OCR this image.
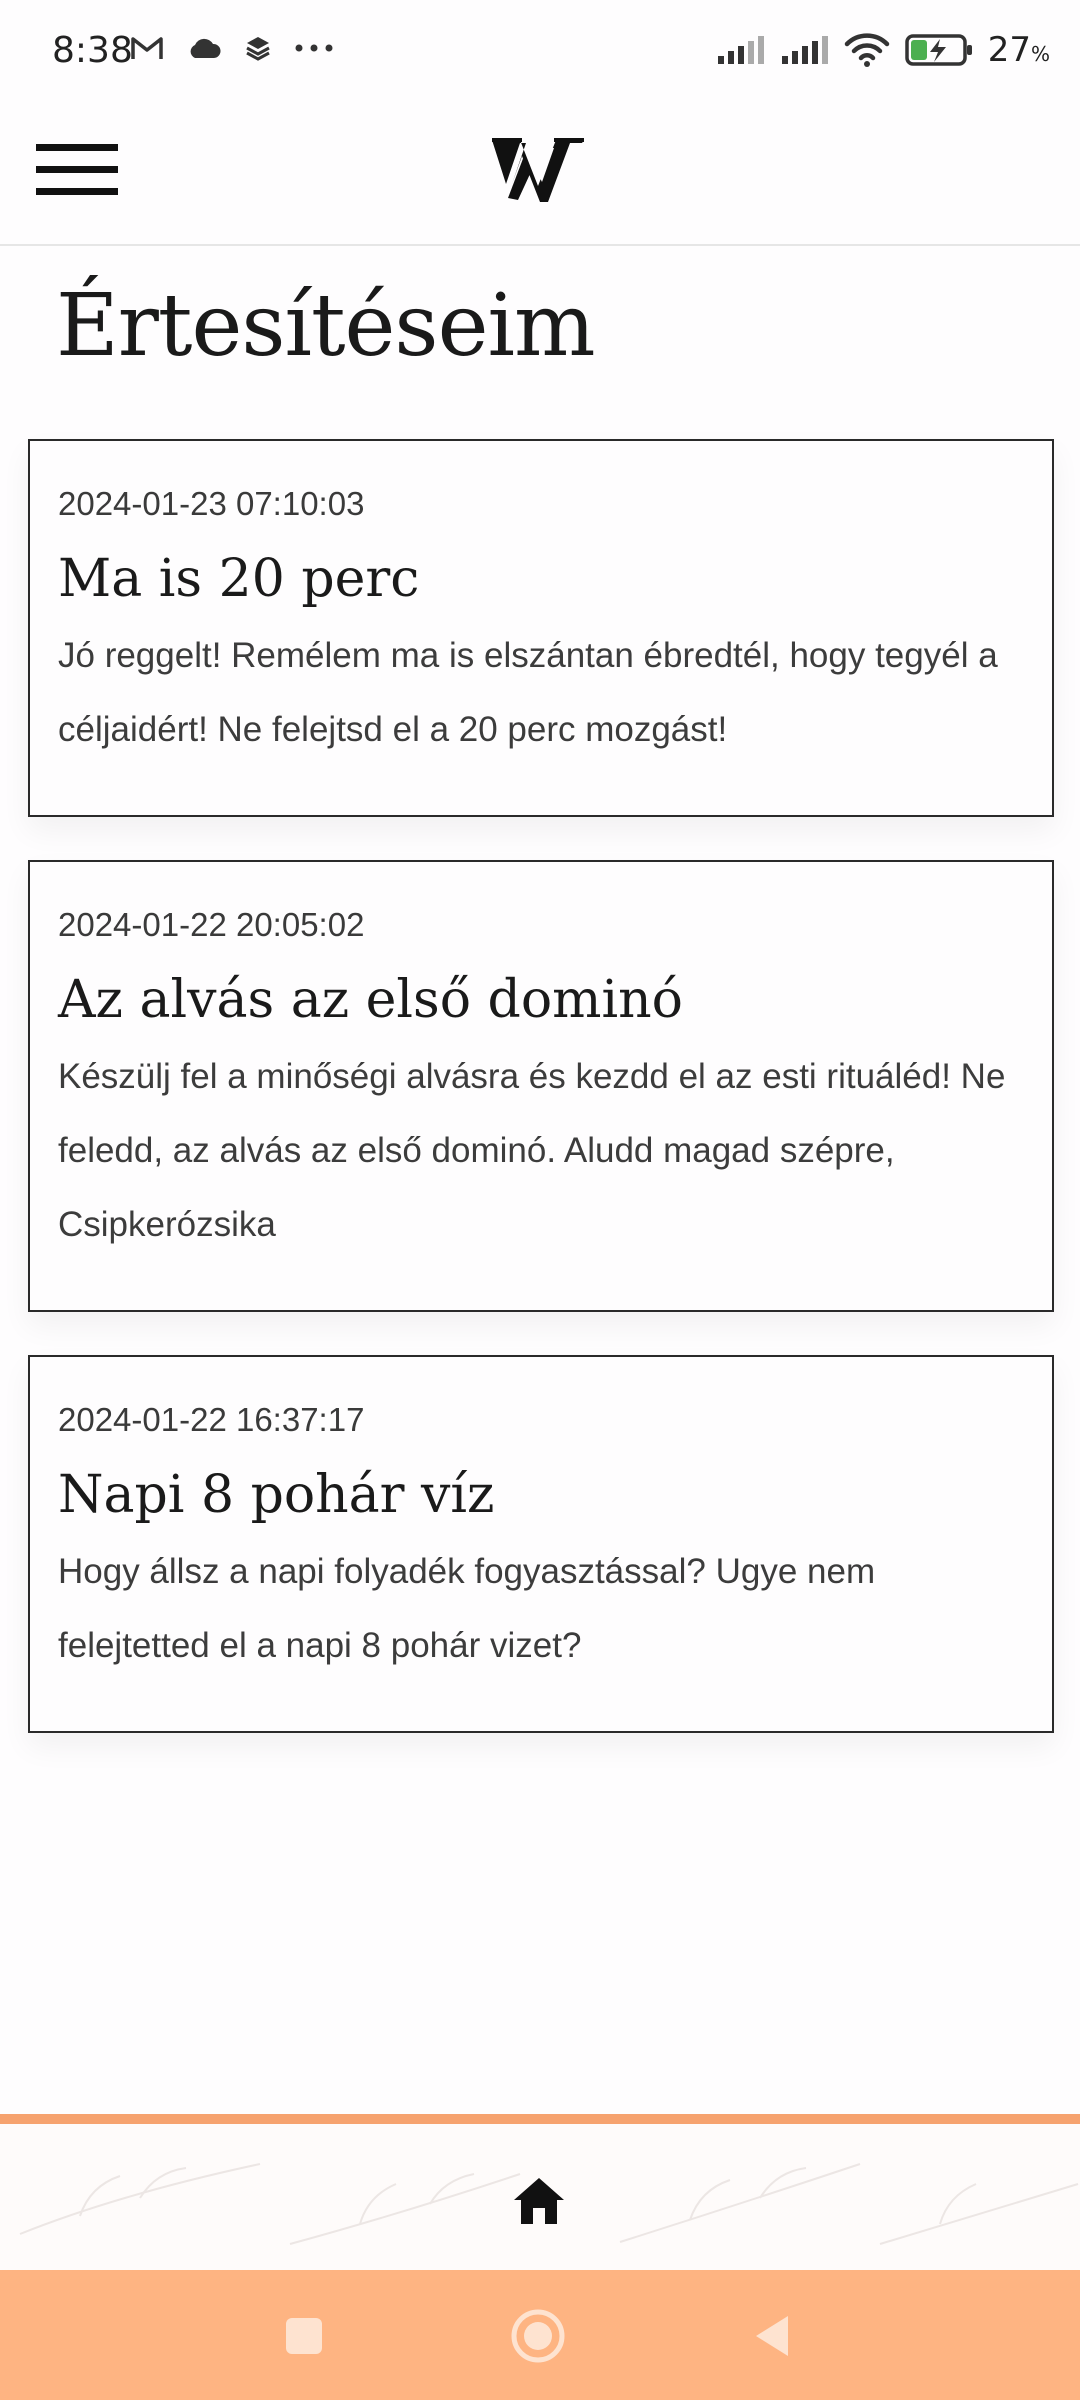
8:38	27%
Értesítéseim
2024-01-23 07:10:03
Ma is 20 perc
Jó reggelt! Remélem ma is elszántan ébredtél, hogy tegyél a céljaidért! Ne felejtsd el a 20 perc mozgást!
2024-01-22 20:05:02
Az alvás az első dominó
Készülj fel a minőségi alvásra és kezdd el az esti rituáléd! Ne feledd, az alvás az első dominó. Aludd magad szépre, Csipkerózsika
2024-01-22 16:37:17
Napi 8 pohár víz
Hogy állsz a napi folyadék fogyasztással? Ugye nem felejtetted el a napi 8 pohár vizet?
